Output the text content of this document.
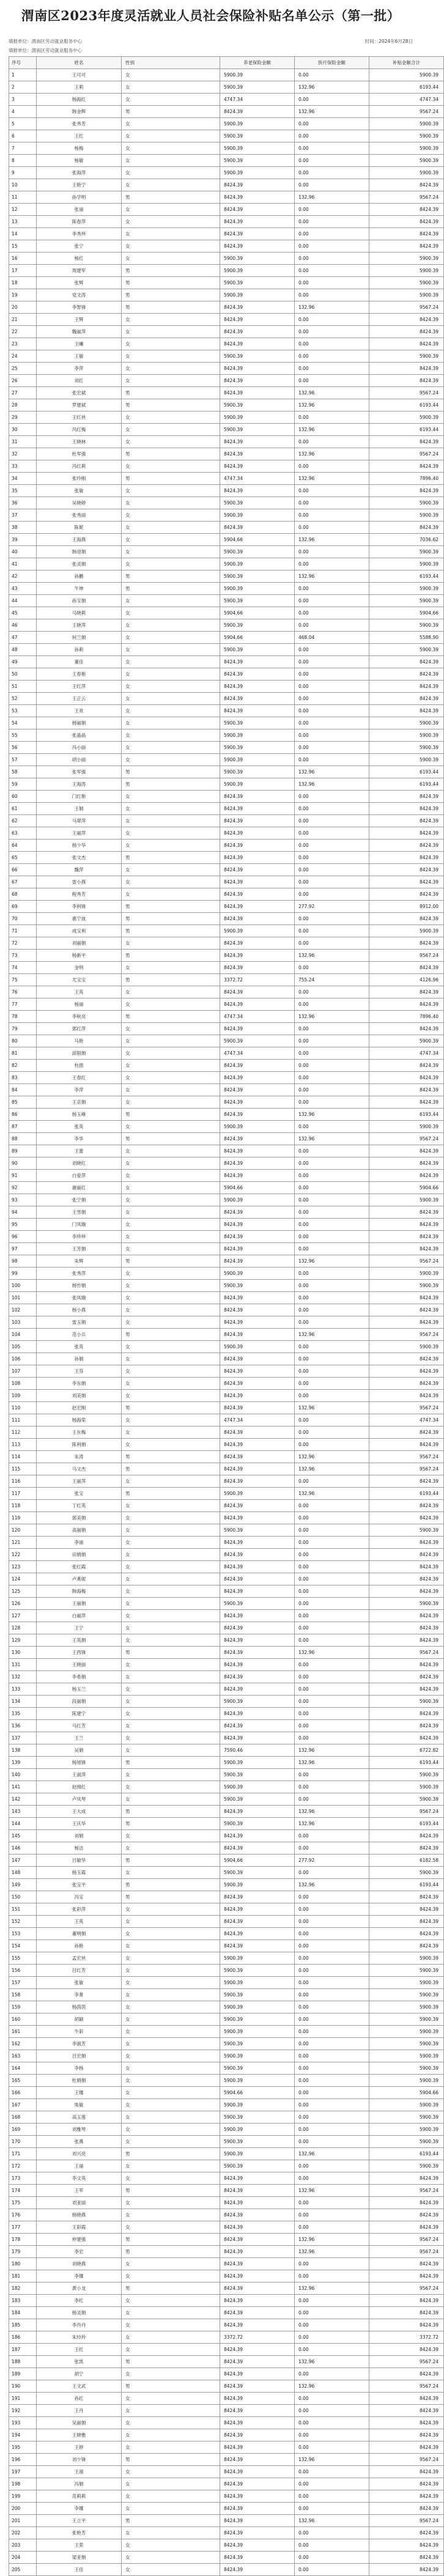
渭南区2023年度灵活就业人员社会保险补贴名单公示（第一批）
填报单位：渭南区劳动就业服务中心	时间：2024年6月28日
填报单位：渭南区劳动就业服务中心
序号	姓名	性别	养老保险金额	医疗保险金额	补贴金额合计
1	王可可	女	5900.39	0.00	5900.39
2	王莉	女	5900.39	132.96	6193.44
3	杨海红	女	4747.34	0.00	4747.34
4	韩金辉	男	8424.39	132.96	9567.24
5	张秀芳	女	5900.39	0.00	5900.39
6	王红	女	5900.39	0.00	5900.39
7	杨梅	女	5900.39	0.00	5900.39
8	杨敏	女	5900.39	0.00	5900.39
9	张海萍	女	5900.39	0.00	5900.39
10	王艳宁	女	8424.39	0.00	8424.39
11	孙学明	男	8424.39	132.96	9567.24
12	张丽	女	8424.39	0.00	8424.39
13	陈春萍	女	8424.39	0.00	8424.39
14	李秀珍	女	8424.39	0.00	8424.39
15	张宁	女	8424.39	0.00	8424.39
16	杨红	女	5900.39	0.00	5900.39
17	周建军	男	5900.39	0.00	5900.39
18	张辉	男	5900.39	0.00	5900.39
19	党文涛	男	5900.39	0.00	5900.39
20	李智锋	男	8424.39	132.96	9567.24
21	王辉	女	8424.39	0.00	8424.39
22	魏丽萍	女	8424.39	0.00	8424.39
23	王曦	女	8424.39	0.00	8424.39
24	王敏	女	5900.39	0.00	5900.39
25	李萍	女	8424.39	0.00	8424.39
26	刘红	女	8424.39	0.00	8424.39
27	张宏斌	男	8424.39	132.96	9567.24
28	罗建斌	男	5900.39	132.96	6193.44
29	王红侠	女	5900.39	0.00	5900.39
30	冯红梅	女	5900.39	132.96	6193.44
31	王晓林	女	8424.39	0.00	8424.39
32	杜军强	男	8424.39	132.96	9567.24
33	冯红莉	女	8424.39	0.00	8424.39
34	张玲刚	男	4747.34	132.96	7896.40
35	张敏	女	8424.39	0.00	8424.39
36	吴晓婷	女	5900.39	0.00	5900.39
37	张秀丽	女	5900.39	0.00	5900.39
38	陈妮	女	8424.39	0.00	8424.39
39	王海燕	女	5904.66	132.96	7036.62
40	韩迎娟	女	5900.39	0.00	5900.39
41	张灵娟	女	5900.39	0.00	5900.39
42	孙鹏	男	5900.39	132.96	6193.44
43	牛坤	男	5900.39	0.00	5900.39
44	孙宝娟	女	5900.39	0.00	5900.39
45	马晓莉	女	5904.66	0.00	5904.66
46	王晓萍	女	5900.39	0.00	5900.39
47	何兰娟	女	5904.66	468.04	5588.90
48	孙莉	女	5900.39	0.00	5900.39
49	董佳	女	8424.39	0.00	8424.39
50	王春艳	女	8424.39	0.00	8424.39
51	王红萍	女	8424.39	0.00	8424.39
52	王正云	女	8424.39	0.00	8424.39
53	王欢	女	8424.39	0.00	8424.39
54	杨丽娟	女	5900.39	0.00	5900.39
55	张晶晶	女	5900.39	0.00	5900.39
56	冯小丽	女	5900.39	0.00	5900.39
57	胡小丽	女	5900.39	0.00	5900.39
58	张军强	男	5900.39	132.96	6193.44
59	王海涛	男	5900.39	132.96	6193.44
60	门红艳	女	8424.39	0.00	8424.39
61	王娟	女	8424.39	0.00	8424.39
62	马翠萍	女	8424.39	0.00	8424.39
63	王丽萍	女	8424.39	0.00	8424.39
64	杨少华	女	8424.39	0.00	8424.39
65	张文杰	男	8424.39	0.00	8424.39
66	魏萍	女	8424.39	0.00	8424.39
67	雷小燕	女	8424.39	0.00	8424.39
68	程秀芳	女	8424.39	0.00	8424.39
69	李利锋	男	8424.39	277.92	8912.00
70	惠宁波	男	8424.39	0.00	8424.39
71	成宝利	男	5900.39	0.00	5900.39
72	刘丽娟	女	8424.39	0.00	8424.39
73	杨新平	男	8424.39	132.96	9567.24
74	金明	女	8424.39	0.00	8424.39
75	尤宝宝	男	3372.72	755.24	4126.96
76	王英	女	8424.39	0.00	8424.39
77	杨丽	女	8424.39	0.00	8424.39
78	李秋亮	男	4747.34	132.96	7896.40
79	郭红萍	女	8424.39	0.00	8424.39
80	马艳	女	5900.39	0.00	5900.39
81	邱银娟	女	4747.34	0.00	4747.34
82	杜鹃	女	8424.39	0.00	8424.39
83	王春红	女	8424.39	0.00	8424.39
84	李萍	女	8424.39	0.00	8424.39
85	王京娟	女	8424.39	0.00	8424.39
86	杨玉峰	男	8424.39	132.96	6193.44
87	张英	女	5900.39	0.00	5900.39
88	李华	男	8424.39	132.96	9567.24
89	王蕾	女	8424.39	0.00	8424.39
90	刘晓红	女	8424.39	0.00	8424.39
91	白爱萍	女	8424.39	0.00	8424.39
92	谢丽红	女	5904.66	0.00	5904.66
93	张宁娟	女	5900.39	0.00	5900.39
94	王雪娟	女	8424.39	0.00	8424.39
95	门凤娥	女	8424.39	0.00	8424.39
96	李珍珍	女	8424.39	0.00	8424.39
97	王芳娟	女	8424.39	0.00	8424.39
98	朱辉	男	8424.39	132.96	9567.24
99	张秀萍	女	5900.39	0.00	5900.39
100	杨竹娟	女	5900.39	0.00	5900.39
101	张凤娥	女	8424.39	0.00	8424.39
102	杨小燕	女	8424.39	0.00	8424.39
103	雷玉娟	女	8424.39	0.00	8424.39
104	范小兵	男	8424.39	132.96	9567.24
105	张英	女	5900.39	0.00	5900.39
106	孙娟	女	8424.39	0.00	8424.39
107	王芬	女	8424.39	0.00	8424.39
108	李东娟	女	8424.39	0.00	8424.39
109	刘美娟	女	8424.39	0.00	8424.39
110	赵宏刚	男	8424.39	132.96	9567.24
111	杨海荣	女	4747.34	0.00	4747.34
112	王东梅	女	8424.39	0.00	8424.39
113	陈利娟	女	8424.39	0.00	8424.39
114	朱涛	男	8424.39	132.96	9567.24
115	马文杰	男	8424.39	132.96	9567.24
116	王丽萍	女	8424.39	0.00	8424.39
117	张宝	男	5900.39	132.96	6193.44
118	丁红英	女	8424.39	0.00	8424.39
119	郭美娟	女	8424.39	0.00	8424.39
120	高丽娟	女	5900.39	0.00	5900.39
121	李丽	女	8424.39	0.00	8424.39
122	田娟娟	女	8424.39	0.00	8424.39
123	张红霞	女	8424.39	0.00	8424.39
124	卢燕妮	女	8424.39	0.00	8424.39
125	韩海梅	女	8424.39	0.00	8424.39
126	王丽娟	女	5900.39	0.00	5900.39
127	白丽萍	女	8424.39	0.00	8424.39
128	王宁	女	8424.39	0.00	8424.39
129	王英娟	女	8424.39	0.00	8424.39
130	王西锋	男	8424.39	132.96	9567.24
131	王晓丽	女	8424.39	0.00	8424.39
132	李希娟	女	8424.39	0.00	8424.39
133	杨玉兰	女	8424.39	0.00	8424.39
134	段丽娟	女	5900.39	0.00	5900.39
135	陈建宁	女	8424.39	0.00	8424.39
136	马红芳	女	8424.39	0.00	8424.39
137	王兰	女	8424.39	0.00	8424.39
138	吴娟	女	7590.46	132.96	6722.82
139	杨旭锋	男	5900.39	132.96	6193.44
140	王淑萍	女	5900.39	0.00	5900.39
141	赵绵红	女	5900.39	0.00	5900.39
142	卢凤琴	女	5900.39	0.00	5900.39
143	王大成	男	8424.39	132.96	9567.24
144	王庆华	男	5900.39	132.96	6193.44
145	刘娟	女	8424.39	0.00	8424.39
146	杨洁	女	8424.39	0.00	8424.39
147	吕敏华	男	5904.66	277.92	6182.58
148	杨玉霞	女	5900.39	0.00	5900.39
149	张宝平	男	5900.39	132.96	6193.44
150	冯宝	男	8424.39	0.00	8424.39
151	张彩萍	女	8424.39	0.00	8424.39
152	王英	女	8424.39	0.00	8424.39
153	董明娟	女	8424.39	0.00	8424.39
154	孙艳	女	8424.39	0.00	8424.39
155	孟宏侠	女	5900.39	0.00	5900.39
156	吕红芳	女	5900.39	0.00	5900.39
157	张敏	女	5900.39	0.00	5900.39
158	李菁	女	5900.39	0.00	5900.39
159	杨茵茵	女	5900.39	0.00	5900.39
160	胡颖	女	5900.39	0.00	5900.39
161	牛彩	女	5900.39	0.00	5900.39
162	李淑芳	女	5900.39	0.00	5900.39
163	吕宏娟	女	5900.39	0.00	5900.39
164	李杨	女	5900.39	0.00	5900.39
165	杜娟娟	女	5900.39	0.00	5900.39
166	王娜	女	5904.66	0.00	5904.66
167	柴敏	女	5900.39	0.00	5900.39
168	高玉莲	女	5900.39	0.00	5900.39
169	刘雅琴	女	5900.39	0.00	5900.39
170	张燕	女	5900.39	0.00	5900.39
171	刘兴亮	男	5900.39	132.96	6193.44
172	王丽	女	5900.39	0.00	5900.39
173	李文英	女	8424.39	0.00	8424.39
174	王军	男	8424.39	132.96	9567.24
175	刘亚丽	女	8424.39	0.00	8424.39
176	杨晓燕	女	8424.39	0.00	8424.39
177	王彩霞	女	8424.39	0.00	8424.39
178	仲建强	男	8424.39	132.96	9567.24
179	李宏	男	8424.39	132.96	9567.24
180	刘晓燕	女	8424.39	0.00	8424.39
181	李娜	女	8424.39	0.00	8424.39
182	黄小龙	男	8424.39	132.96	9567.24
183	李红	女	8424.39	0.00	8424.39
184	杨灵娟	女	8424.39	0.00	8424.39
185	李丹丹	女	8424.39	0.00	8424.39
186	朱玲玲	女	3372.72	0.00	3372.72
187	王红	女	8424.39	0.00	8424.39
188	张凯	男	8424.39	132.96	9567.24
189	胡宁	女	8424.39	0.00	8424.39
190	王文武	男	8424.39	132.96	9567.24
191	孙红	女	8424.39	0.00	8424.39
192	王丹	女	8424.39	0.00	8424.39
193	吴丽娟	女	8424.39	0.00	8424.39
194	王晓雅	女	8424.39	0.00	8424.39
195	王婷	女	8424.39	0.00	8424.39
196	刘少锋	男	8424.39	132.96	9567.24
197	王淑	女	8424.39	0.00	8424.39
198	冯娟	女	8424.39	0.00	8424.39
199	范莉莉	女	8424.39	0.00	8424.39
200	李娜	女	8424.39	0.00	8424.39
201	王立平	男	8424.39	132.96	9567.24
202	张艳芳	女	8424.39	0.00	8424.39
203	王荣	女	8424.39	0.00	8424.39
204	梁亚娟	女	8424.39	0.00	8424.39
205	王佳	女	8424.39	0.00	8424.39
